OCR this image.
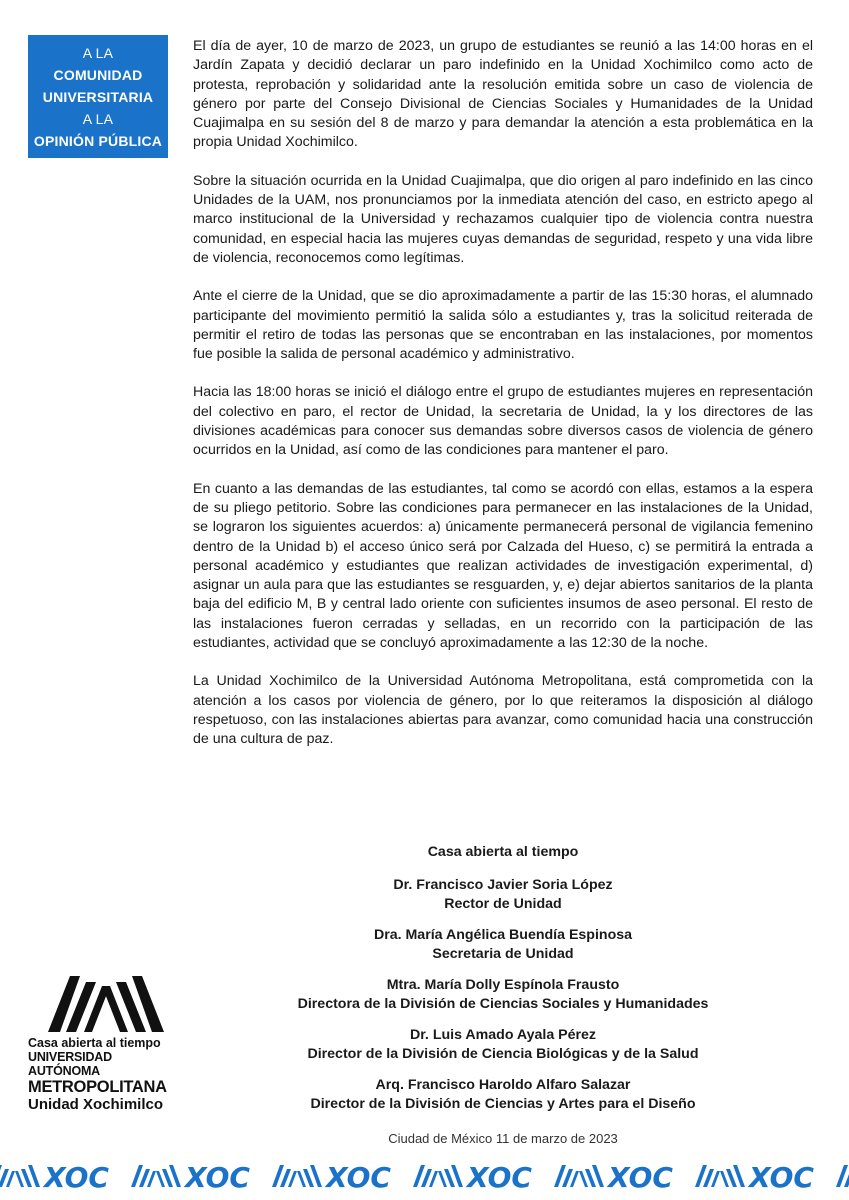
A LA
COMUNIDAD
UNIVERSITARIA
A LA
OPINIÓN PÚBLICA

El día de ayer, 10 de marzo de 2023, un grupo de estudiantes se reunió a las 14:00 horas en el Jardín Zapata y decidió declarar un paro indefinido en la Unidad Xochimilco como acto de protesta, reprobación y solidaridad ante la resolución emitida sobre un caso de violencia de género por parte del Consejo Divisional de Ciencias Sociales y Humanidades de la Unidad Cuajimalpa en su sesión del 8 de marzo y para demandar la atención a esta problemática en la propia Unidad Xochimilco.

Sobre la situación ocurrida en la Unidad Cuajimalpa, que dio origen al paro indefinido en las cinco Unidades de la UAM, nos pronunciamos por la inmediata atención del caso, en estricto apego al marco institucional de la Universidad y rechazamos cualquier tipo de violencia contra nuestra comunidad, en especial hacia las mujeres cuyas demandas de seguridad, respeto y una vida libre de violencia, reconocemos como legítimas.

Ante el cierre de la Unidad, que se dio aproximadamente a partir de las 15:30 horas, el alumnado participante del movimiento permitió la salida sólo a estudiantes y, tras la solicitud reiterada de permitir el retiro de todas las personas que se encontraban en las instalaciones, por momentos fue posible la salida de personal académico y administrativo.

Hacia las 18:00 horas se inició el diálogo entre el grupo de estudiantes mujeres en representación del colectivo en paro, el rector de Unidad, la secretaria de Unidad, la y los directores de las divisiones académicas para conocer sus demandas sobre diversos casos de violencia de género ocurridos en la Unidad, así como de las condiciones para mantener el paro.

En cuanto a las demandas de las estudiantes, tal como se acordó con ellas, estamos a la espera de su pliego petitorio. Sobre las condiciones para permanecer en las instalaciones de la Unidad, se lograron los siguientes acuerdos: a) únicamente permanecerá personal de vigilancia femenino dentro de la Unidad b) el acceso único será por Calzada del Hueso, c) se permitirá la entrada a personal académico y estudiantes que realizan actividades de investigación experimental, d) asignar un aula para que las estudiantes se resguarden, y, e) dejar abiertos sanitarios de la planta baja del edificio M, B y central lado oriente con suficientes insumos de aseo personal. El resto de las instalaciones fueron cerradas y selladas, en un recorrido con la participación de las estudiantes, actividad que se concluyó aproximadamente a las 12:30 de la noche.

La Unidad Xochimilco de la Universidad Autónoma Metropolitana, está comprometida con la atención a los casos por violencia de género, por lo que reiteramos la disposición al diálogo respetuoso, con las instalaciones abiertas para avanzar, como comunidad hacia una construcción de una cultura de paz.

Casa abierta al tiempo
Dr. Francisco Javier Soria López
Rector de Unidad
Dra. María Angélica Buendía Espinosa
Secretaria de Unidad
Mtra. María Dolly Espínola Frausto
Directora de la División de Ciencias Sociales y Humanidades
Dr. Luis Amado Ayala Pérez
Director de la División de Ciencia Biológicas y de la Salud
Arq. Francisco Haroldo Alfaro Salazar
Director de la División de Ciencias y Artes para el Diseño
Ciudad de México 11 de marzo de 2023
Casa abierta al tiempo
UNIVERSIDAD AUTÓNOMA
METROPOLITANA
Unidad Xochimilco
XOC	XOC	XOC	XOC	XOC	XOC
